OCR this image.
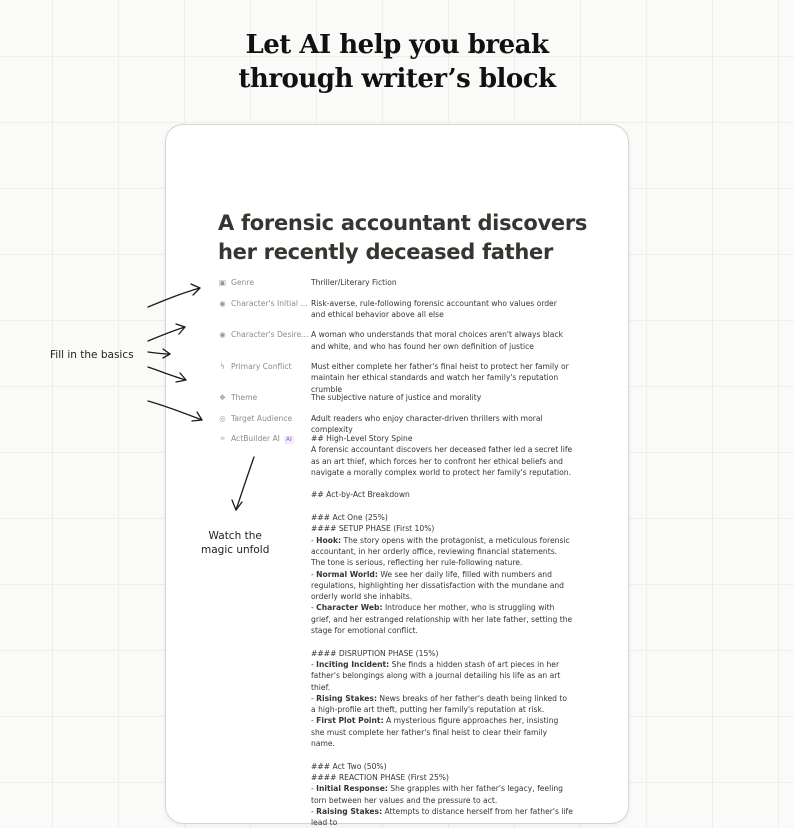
Let AI help you break
through writer’s block
A forensic accountant discovers
her recently deceased father
▣ Genre	Thriller/Literary Fiction
◉ Character's Initial ... Risk-averse, rule-following forensic accountant who values order and ethical behavior above all else
◉ Character's Desire... A woman who understands that moral choices aren't always black and white, and who has found her own definition of justice
ϟ Primary Conflict	Must either complete her father's final heist to protect her family or maintain her ethical standards and watch her family's reputation crumble
❖ Theme	The subjective nature of justice and morality
◎ Target Audience	Adult readers who enjoy character-driven thrillers with moral complexity
✧ ActBuilder AI AI	## High-Level Story Spine

A forensic accountant discovers her deceased father led a secret life as an art thief, which forces her to confront her ethical beliefs and navigate a morally complex world to protect her family's reputation.

## Act-by-Act Breakdown

### Act One (25%)

#### SETUP PHASE (First 10%)

- Hook: The story opens with the protagonist, a meticulous forensic accountant, in her orderly office, reviewing financial statements. The tone is serious, reflecting her rule-following nature.

- Normal World: We see her daily life, filled with numbers and regulations, highlighting her dissatisfaction with the mundane and orderly world she inhabits.

- Character Web: Introduce her mother, who is struggling with grief, and her estranged relationship with her late father, setting the stage for emotional conflict.

#### DISRUPTION PHASE (15%)

- Inciting Incident: She finds a hidden stash of art pieces in her father's belongings along with a journal detailing his life as an art thief.

- Rising Stakes: News breaks of her father's death being linked to a high-profile art theft, putting her family's reputation at risk.

- First Plot Point: A mysterious figure approaches her, insisting she must complete her father's final heist to clear their family name.

### Act Two (50%)

#### REACTION PHASE (First 25%)

- Initial Response: She grapples with her father's legacy, feeling torn between her values and the pressure to act.

- Raising Stakes: Attempts to distance herself from her father's life lead to

Fill in the basics
Watch the
magic unfold
